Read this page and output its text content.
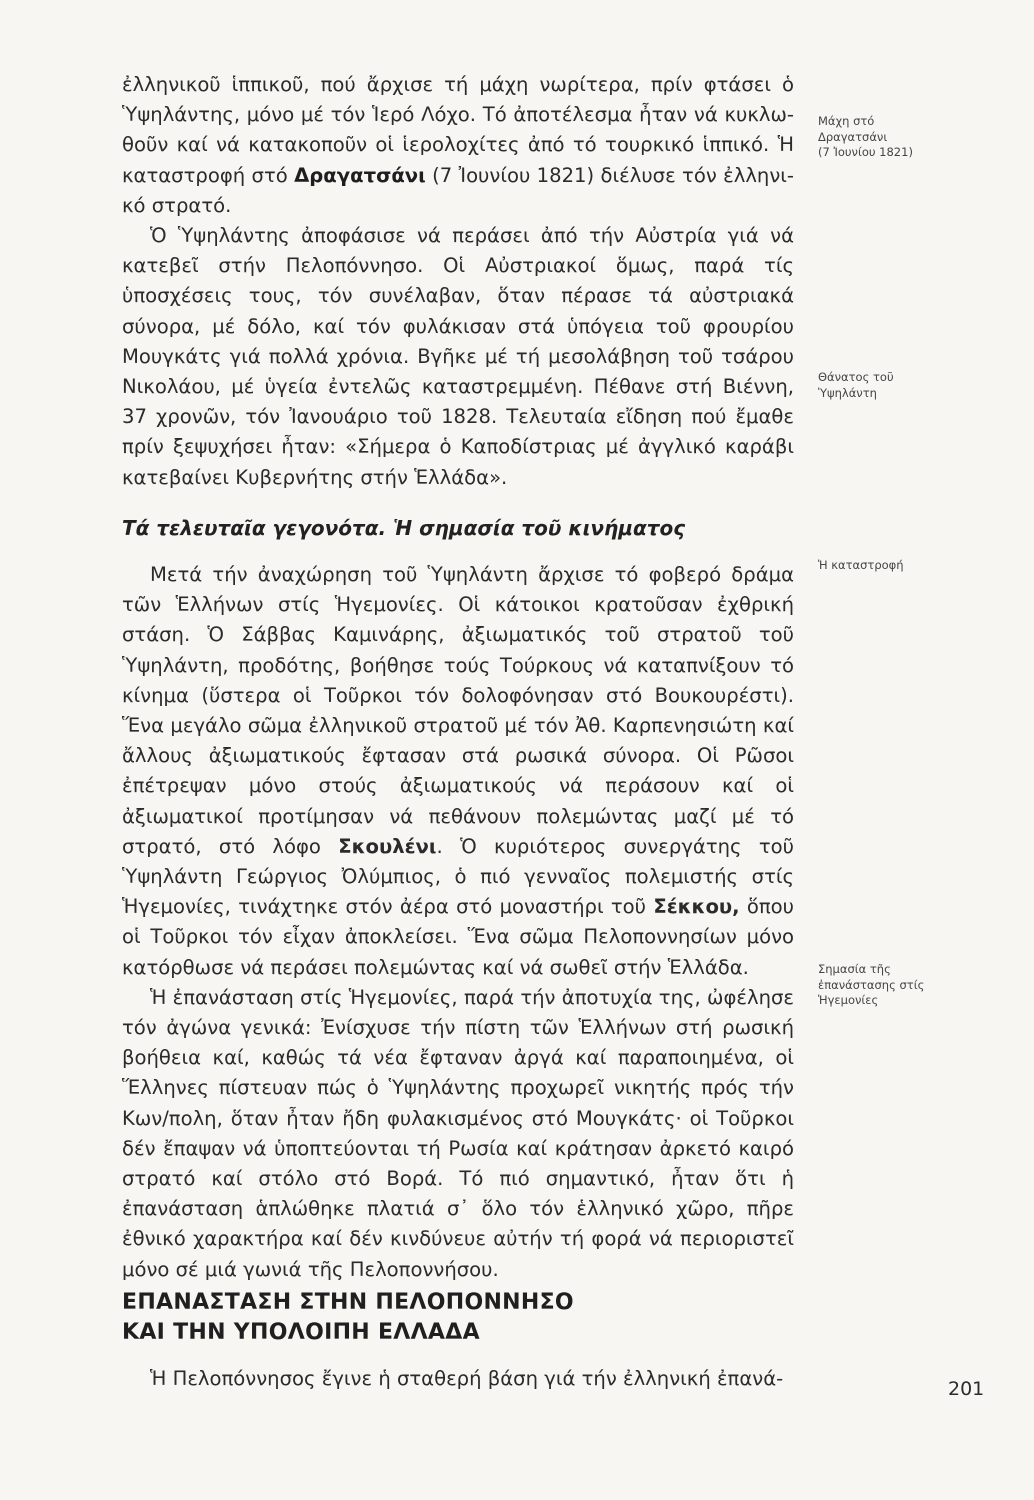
ἐλληνικοῦ ἱππικοῦ, πού ἄρχισε τή μάχη νωρίτερα, πρίν φτάσει ὁ Ὑψηλάντης, μόνο μέ τόν Ἱερό Λόχο. Τό ἀποτέλεσμα ἦταν νά κυκλω- θοῦν καί νά κατακοποῦν οἱ ἱερολοχίτες ἀπό τό τουρκικό ἱππικό. Ἡ καταστροφή στό Δραγατσάνι (7 Ἰουνίου 1821) διέλυσε τόν ἐλληνι- κό στρατό.

Ὁ Ὑψηλάντης ἀποφάσισε νά περάσει ἀπό τήν Αὐστρία γιά νά κατεβεῖ στήν Πελοπόννησο. Οἱ Αὐστριακοί ὅμως, παρά τίς ὑποσχέσεις τους, τόν συνέλαβαν, ὅταν πέρασε τά αὐστριακά σύνορα, μέ δόλο, καί τόν φυλάκισαν στά ὑπόγεια τοῦ φρουρίου Μουγκάτς γιά πολλά χρόνια. Βγῆκε μέ τή μεσολάβηση τοῦ τσάρου Νικολάου, μέ ὑγεία ἐντελῶς καταστρεμμένη. Πέθανε στή Βιέννη, 37 χρονῶν, τόν Ἰανουάριο τοῦ 1828. Τελευταία εἴδηση πού ἔμαθε πρίν ξεψυχήσει ἦταν: «Σήμερα ὁ Καποδίστριας μέ ἀγγλικό καράβι κατεβαίνει Κυβερνήτης στήν Ἑλλάδα».

Τά τελευταῖα γεγονότα. Ἡ σημασία τοῦ κινήματος

Μετά τήν ἀναχώρηση τοῦ Ὑψηλάντη ἄρχισε τό φοβερό δράμα τῶν Ἑλλήνων στίς Ἡγεμονίες. Οἱ κάτοικοι κρατοῦσαν ἐχθρική στάση. Ὁ Σάββας Καμινάρης, ἀξιωματικός τοῦ στρατοῦ τοῦ Ὑψηλάντη, προδότης, βοήθησε τούς Τούρκους νά καταπνίξουν τό κίνημα (ὕστερα οἱ Τοῦρκοι τόν δολοφόνησαν στό Βουκουρέστι). Ἕνα μεγάλο σῶμα ἐλληνικοῦ στρατοῦ μέ τόν Ἀθ. Καρπενησιώτη καί ἄλλους ἀξιωματικούς ἔφτασαν στά ρωσικά σύνορα. Οἱ Ρῶσοι ἐπέτρεψαν μόνο στούς ἀξιωματικούς νά περάσουν καί οἱ ἀξιωματικοί προτίμησαν νά πεθάνουν πολεμώντας μαζί μέ τό στρατό, στό λόφο Σκουλένι. Ὁ κυριότερος συνεργάτης τοῦ Ὑψηλάντη Γεώργιος Ὀλύμπιος, ὁ πιό γενναῖος πολεμιστής στίς Ἡγεμονίες, τινάχτηκε στόν ἀέρα στό μοναστήρι τοῦ Σέκκου, ὅπου οἱ Τοῦρκοι τόν εἶχαν ἀποκλείσει. Ἕνα σῶμα Πελοποννησίων μόνο κατόρθωσε νά περάσει πολεμώντας καί νά σωθεῖ στήν Ἑλλάδα.

Ἡ ἐπανάσταση στίς Ἡγεμονίες, παρά τήν ἀποτυχία της, ὠφέλησε τόν ἀγώνα γενικά: Ἐνίσχυσε τήν πίστη τῶν Ἑλλήνων στή ρωσική βοήθεια καί, καθώς τά νέα ἔφταναν ἀργά καί παραποιημένα, οἱ Ἕλληνες πίστευαν πώς ὁ Ὑψηλάντης προχωρεῖ νικητής πρός τήν Κων/πολη, ὅταν ἦταν ἤδη φυλακισμένος στό Μουγκάτς· οἱ Τοῦρκοι δέν ἔπαψαν νά ὑποπτεύονται τή Ρωσία καί κράτησαν ἀρκετό καιρό στρατό καί στόλο στό Βορά. Τό πιό σημαντικό, ἦταν ὅτι ἡ ἐπανάσταση ἁπλώθηκε πλατιά σ᾽ ὅλο τόν ἑλληνικό χῶρο, πῆρε ἐθνικό χαρακτήρα καί δέν κινδύνευε αὐτήν τή φορά νά περιοριστεῖ μόνο σέ μιά γωνιά τῆς Πελοποννήσου.

ΕΠΑΝΑΣΤΑΣΗ ΣΤΗΝ ΠΕΛΟΠΟΝΝΗΣΟ
ΚΑΙ ΤΗΝ ΥΠΟΛΟΙΠΗ ΕΛΛΑΔΑ
Ἡ Πελοπόννησος ἔγινε ἡ σταθερή βάση γιά τήν ἐλληνική ἐπανά-
Μάχη στό
Δραγατσάνι
(7 Ἰουνίου 1821)
Θάνατος τοῦ
Ὑψηλάντη
Ἡ καταστροφή
Σημασία τῆς
ἐπανάστασης στίς
Ἡγεμονίες
201
